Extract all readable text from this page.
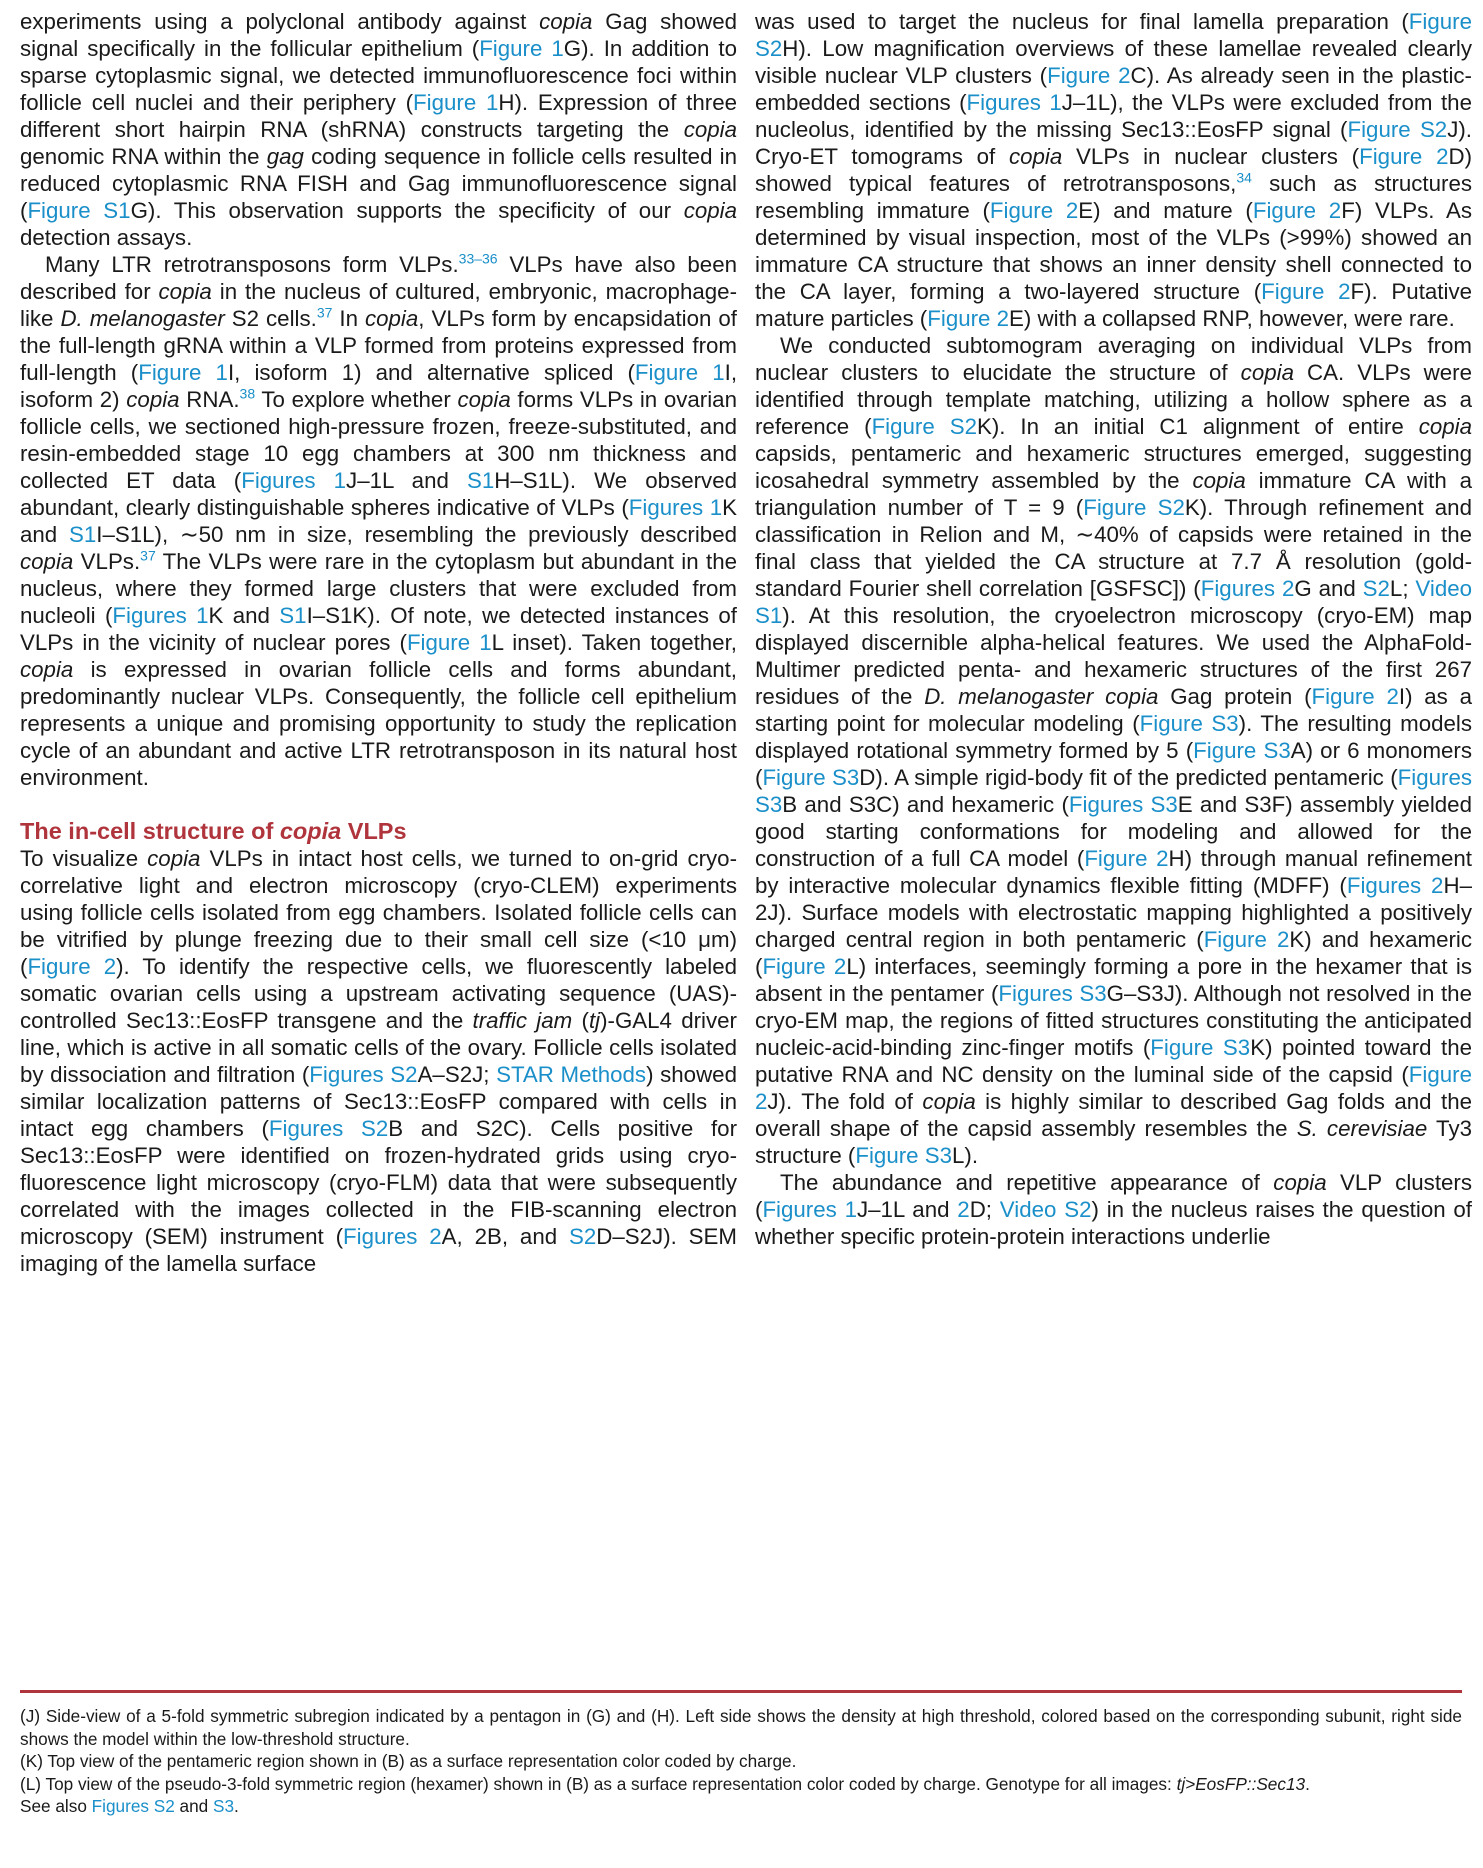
experiments using a polyclonal antibody against copia Gag showed signal specifically in the follicular epithelium (Figure 1G). In addition to sparse cytoplasmic signal, we detected immunofluorescence foci within follicle cell nuclei and their periphery (Figure 1H). Expression of three different short hairpin RNA (shRNA) constructs targeting the copia genomic RNA within the gag coding sequence in follicle cells resulted in reduced cytoplasmic RNA FISH and Gag immunofluorescence signal (Figure S1G). This observation supports the specificity of our copia detection assays.

Many LTR retrotransposons form VLPs.$^{33-36}$ VLPs have also been described for copia in the nucleus of cultured, embryonic, macrophage-like D. melanogaster S2 cells.$^{37}$ In copia, VLPs form by encapsidation of the full-length gRNA within a VLP formed from proteins expressed from full-length (Figure 1I, isoform 1) and alternative spliced (Figure 1I, isoform 2) copia RNA.$^{38}$ To explore whether copia forms VLPs in ovarian follicle cells, we sectioned high-pressure frozen, freeze-substituted, and resin-embedded stage 10 egg chambers at 300 nm thickness and collected ET data (Figures 1J–1L and S1H–S1L). We observed abundant, clearly distinguishable spheres indicative of VLPs (Figures 1K and S1I–S1L), ∼50 nm in size, resembling the previously described copia VLPs.$^{37}$ The VLPs were rare in the cytoplasm but abundant in the nucleus, where they formed large clusters that were excluded from nucleoli (Figures 1K and S1I–S1K). Of note, we detected instances of VLPs in the vicinity of nuclear pores (Figure 1L inset). Taken together, copia is expressed in ovarian follicle cells and forms abundant, predominantly nuclear VLPs. Consequently, the follicle cell epithelium represents a unique and promising opportunity to study the replication cycle of an abundant and active LTR retrotransposon in its natural host environment.

The in-cell structure of copia VLPs

To visualize copia VLPs in intact host cells, we turned to on-grid cryo-correlative light and electron microscopy (cryo-CLEM) experiments using follicle cells isolated from egg chambers. Isolated follicle cells can be vitrified by plunge freezing due to their small cell size (<10 μm) (Figure 2). To identify the respective cells, we fluorescently labeled somatic ovarian cells using a upstream activating sequence (UAS)-controlled Sec13::EosFP transgene and the traffic jam (tj)-GAL4 driver line, which is active in all somatic cells of the ovary. Follicle cells isolated by dissociation and filtration (Figures S2A–S2J; STAR Methods) showed similar localization patterns of Sec13::EosFP compared with cells in intact egg chambers (Figures S2B and S2C). Cells positive for Sec13::EosFP were identified on frozen-hydrated grids using cryo-fluorescence light microscopy (cryo-FLM) data that were subsequently correlated with the images collected in the FIB-scanning electron microscopy (SEM) instrument (Figures 2A, 2B, and S2D–S2J). SEM imaging of the lamella surface

was used to target the nucleus for final lamella preparation (Figure S2H). Low magnification overviews of these lamellae revealed clearly visible nuclear VLP clusters (Figure 2C). As already seen in the plastic-embedded sections (Figures 1J–1L), the VLPs were excluded from the nucleolus, identified by the missing Sec13::EosFP signal (Figure S2J). Cryo-ET tomograms of copia VLPs in nuclear clusters (Figure 2D) showed typical features of retrotransposons,$^{34}$ such as structures resembling immature (Figure 2E) and mature (Figure 2F) VLPs. As determined by visual inspection, most of the VLPs (>99%) showed an immature CA structure that shows an inner density shell connected to the CA layer, forming a two-layered structure (Figure 2F). Putative mature particles (Figure 2E) with a collapsed RNP, however, were rare.

We conducted subtomogram averaging on individual VLPs from nuclear clusters to elucidate the structure of copia CA. VLPs were identified through template matching, utilizing a hollow sphere as a reference (Figure S2K). In an initial C1 alignment of entire copia capsids, pentameric and hexameric structures emerged, suggesting icosahedral symmetry assembled by the copia immature CA with a triangulation number of T = 9 (Figure S2K). Through refinement and classification in Relion and M, ∼40% of capsids were retained in the final class that yielded the CA structure at 7.7 Å resolution (gold-standard Fourier shell correlation [GSFSC]) (Figures 2G and S2L; Video S1). At this resolution, the cryoelectron microscopy (cryo-EM) map displayed discernible alpha-helical features. We used the AlphaFold-Multimer predicted penta- and hexameric structures of the first 267 residues of the D. melanogaster copia Gag protein (Figure 2I) as a starting point for molecular modeling (Figure S3). The resulting models displayed rotational symmetry formed by 5 (Figure S3A) or 6 monomers (Figure S3D). A simple rigid-body fit of the predicted pentameric (Figures S3B and S3C) and hexameric (Figures S3E and S3F) assembly yielded good starting conformations for modeling and allowed for the construction of a full CA model (Figure 2H) through manual refinement by interactive molecular dynamics flexible fitting (MDFF) (Figures 2H–2J). Surface models with electrostatic mapping highlighted a positively charged central region in both pentameric (Figure 2K) and hexameric (Figure 2L) interfaces, seemingly forming a pore in the hexamer that is absent in the pentamer (Figures S3G–S3J). Although not resolved in the cryo-EM map, the regions of fitted structures constituting the anticipated nucleic-acid-binding zinc-finger motifs (Figure S3K) pointed toward the putative RNA and NC density on the luminal side of the capsid (Figure 2J). The fold of copia is highly similar to described Gag folds and the overall shape of the capsid assembly resembles the S. cerevisiae Ty3 structure (Figure S3L).

The abundance and repetitive appearance of copia VLP clusters (Figures 1J–1L and 2D; Video S2) in the nucleus raises the question of whether specific protein-protein interactions underlie

(J) Side-view of a 5-fold symmetric subregion indicated by a pentagon in (G) and (H). Left side shows the density at high threshold, colored based on the corresponding subunit, right side shows the model within the low-threshold structure.

(K) Top view of the pentameric region shown in (B) as a surface representation color coded by charge.

(L) Top view of the pseudo-3-fold symmetric region (hexamer) shown in (B) as a surface representation color coded by charge. Genotype for all images: tj>EosFP::Sec13.

See also Figures S2 and S3.
